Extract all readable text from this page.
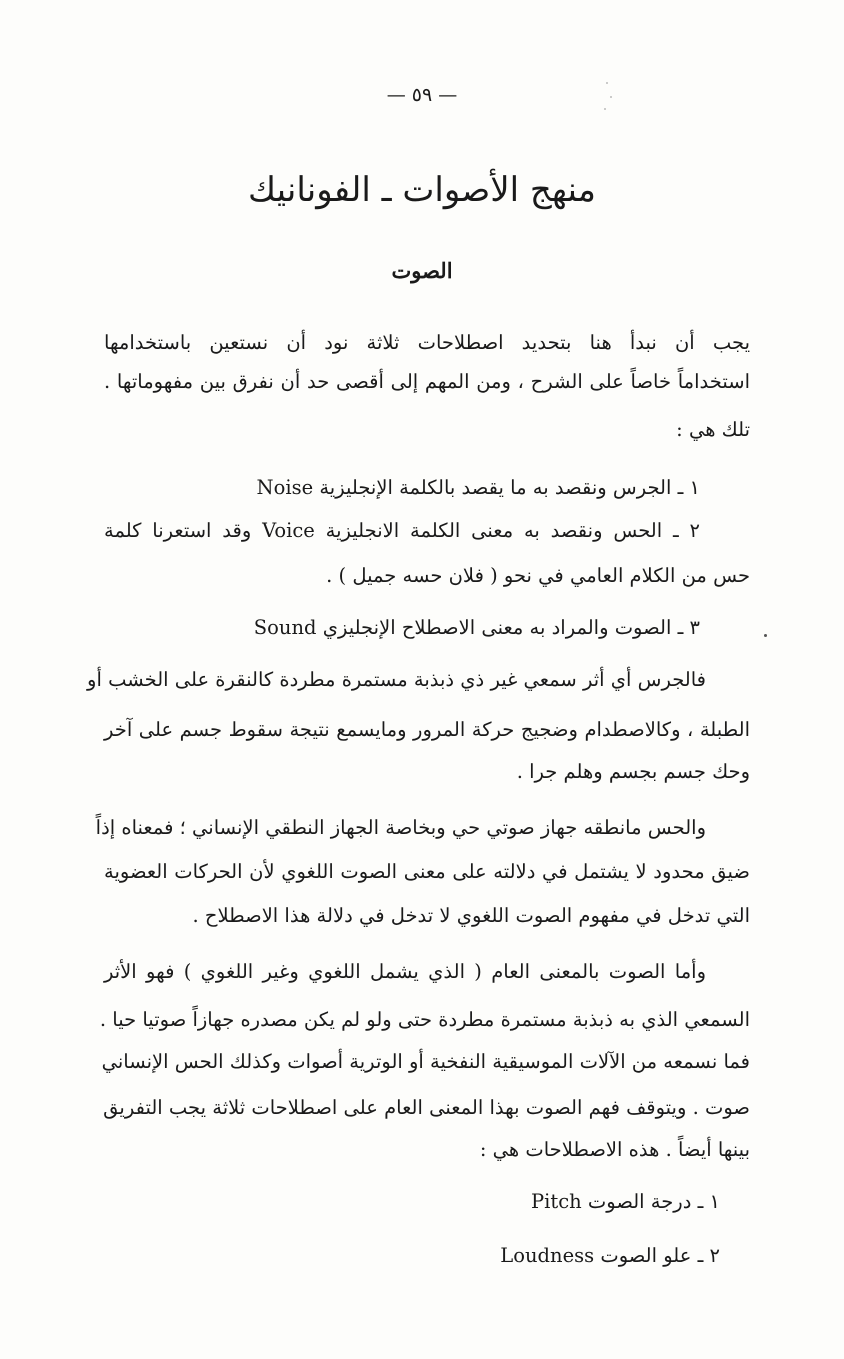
— ٥٩ —
منهج الأصوات ـ الفونانيك
الصوت
يجب أن نبدأ هنا بتحديد اصطلاحات ثلاثة نود أن نستعين باستخدامها
استخداماً خاصاً على الشرح ، ومن المهم إلى أقصى حد أن نفرق بين مفهوماتها .
تلك هي :
١ ـ الجرس ونقصد به ما يقصد بالكلمة الإنجليزية Noise
٢ ـ الحس ونقصد به معنى الكلمة الانجليزية Voice وقد استعرنا كلمة
حس من الكلام العامي في نحو ( فلان حسه جميل ) .
٣ ـ الصوت والمراد به معنى الاصطلاح الإنجليزي Sound
فالجرس أي أثر سمعي غير ذي ذبذبة مستمرة مطردة كالنقرة على الخشب أو
الطبلة ، وكالاصطدام وضجيج حركة المرور ومايسمع نتيجة سقوط جسم على آخر
وحك جسم بجسم وهلم جرا .
والحس مانطقه جهاز صوتي حي وبخاصة الجهاز النطقي الإنساني ؛ فمعناه إذاً
ضيق محدود لا يشتمل في دلالته على معنى الصوت اللغوي لأن الحركات العضوية
التي تدخل في مفهوم الصوت اللغوي لا تدخل في دلالة هذا الاصطلاح .
وأما الصوت بالمعنى العام ( الذي يشمل اللغوي وغير اللغوي ) فهو الأثر
السمعي الذي به ذبذبة مستمرة مطردة حتى ولو لم يكن مصدره جهازاً صوتيا حيا .
فما نسمعه من الآلات الموسيقية النفخية أو الوترية أصوات وكذلك الحس الإنساني
صوت . ويتوقف فهم الصوت بهذا المعنى العام على اصطلاحات ثلاثة يجب التفريق
بينها أيضاً . هذه الاصطلاحات هي :
١ ـ درجة الصوت Pitch
٢ ـ علو الصوت Loudness
